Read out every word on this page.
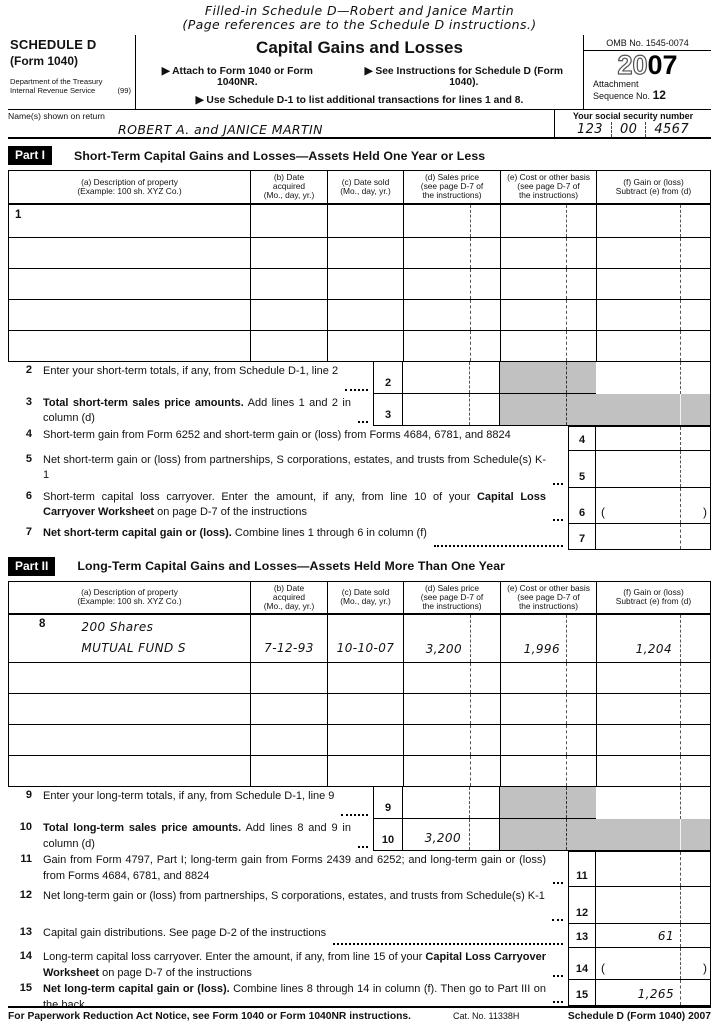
Filled-in Schedule D—Robert and Janice Martin
(Page references are to the Schedule D instructions.)
SCHEDULE D
(Form 1040)
Department of the Treasury
Internal Revenue Service	(99)
Capital Gains and Losses
▶ Attach to Form 1040 or Form 1040NR.
▶ See Instructions for Schedule D (Form 1040).
▶ Use Schedule D-1 to list additional transactions for lines 1 and 8.
OMB No. 1545-0074
2007
Attachment
Sequence No. 12
Name(s) shown on return
ROBERT A. and JANICE MARTIN
Your social security number
123	00	4567
Part I	Short-Term Capital Gains and Losses—Assets Held One Year or Less
(a) Description of property
(Example: 100 sh. XYZ Co.)
(b) Date
acquired
(Mo., day, yr.)
(c) Date sold
(Mo., day, yr.)
(d) Sales price
(see page D-7 of
the instructions)
(e) Cost or other basis
(see page D-7 of
the instructions)
(f) Gain or (loss)
Subtract (e) from (d)
1
2 Enter your short-term totals, if any, from Schedule D-1, line 2
2
3 Total short-term sales price amounts. Add lines 1 and 2 in column (d)	3
4 Short-term gain from Form 6252 and short-term gain or (loss) from Forms 4684, 6781, and 8824	4
5 Net short-term gain or (loss) from partnerships, S corporations, estates, and trusts from Schedule(s) K-1	5
6 Short-term capital loss carryover. Enter the amount, if any, from line 10 of your Capital Loss Carryover Worksheet on page D-7 of the instructions	6	(	)
7 Net short-term capital gain or (loss). Combine lines 1 through 6 in column (f)	7
Part II	Long-Term Capital Gains and Losses—Assets Held More Than One Year
(a) Description of property
(Example: 100 sh. XYZ Co.)
(b) Date
acquired
(Mo., day, yr.)
(c) Date sold
(Mo., day, yr.)
(d) Sales price
(see page D-7 of
the instructions)
(e) Cost or other basis
(see page D-7 of
the instructions)
(f) Gain or (loss)
Subtract (e) from (d)
8	200 Shares
MUTUAL FUND S	7-12-93	10-10-07	3,200	1,996	1,204
9 Enter your long-term totals, if any, from Schedule D-1, line 9
9
10 Total long-term sales price amounts. Add lines 8 and 9 in column (d)	10	3,200
11 Gain from Form 4797, Part I; long-term gain from Forms 2439 and 6252; and long-term gain or (loss) from Forms 4684, 6781, and 8824	11
12 Net long-term gain or (loss) from partnerships, S corporations, estates, and trusts from Schedule(s) K-1
12
13 Capital gain distributions. See page D-2 of the instructions	13	61
14 Long-term capital loss carryover. Enter the amount, if any, from line 15 of your Capital Loss Carryover Worksheet on page D-7 of the instructions	14	(	)
15 Net long-term capital gain or (loss). Combine lines 8 through 14 in column (f). Then go to Part III on the back
15	1,265
For Paperwork Reduction Act Notice, see Form 1040 or Form 1040NR instructions.	Cat. No. 11338H	Schedule D (Form 1040) 2007
